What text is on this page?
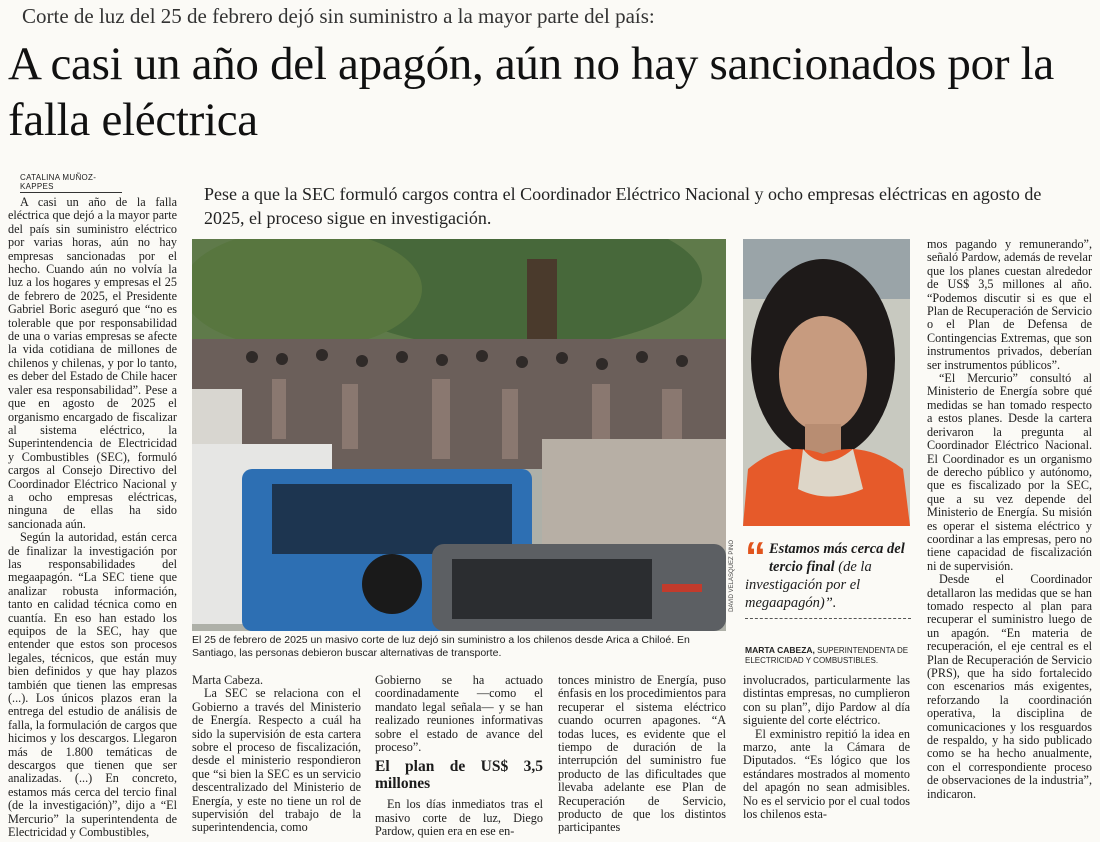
Corte de luz del 25 de febrero dejó sin suministro a la mayor parte del país:
A casi un año del apagón, aún no hay sancionados por la falla eléctrica
CATALINA MUÑOZ-KAPPES	Pese a que la SEC formuló cargos contra el Coordinador Eléctrico Nacional y ocho empresas eléctricas en agosto de 2025, el proceso sigue en investigación.

A casi un año de la falla eléctrica que dejó a la mayor parte del país sin suministro eléctrico por varias horas, aún no hay empresas sancionadas por el hecho. Cuando aún no volvía la luz a los hogares y empresas el 25 de febrero de 2025, el Presidente Gabriel Boric aseguró que “no es tolerable que por responsabilidad de una o varias empresas se afecte la vida cotidiana de millones de chilenos y chilenas, y por lo tanto, es deber del Estado de Chile hacer valer esa responsabilidad”. Pese a que en agosto de 2025 el organismo encargado de fiscalizar al sistema eléctrico, la Superintendencia de Electricidad y Combustibles (SEC), formuló cargos al Consejo Directivo del Coordinador Eléctrico Nacional y a ocho empresas eléctricas, ninguna de ellas ha sido sancionada aún.

Según la autoridad, están cerca de finalizar la investigación por las responsabilidades del megaapagón. “La SEC tiene que analizar robusta información, tanto en calidad técnica como en cuantía. En eso han estado los equipos de la SEC, hay que entender que estos son procesos legales, técnicos, que están muy bien definidos y que hay plazos también que tienen las empresas (...). Los únicos plazos eran la entrega del estudio de análisis de falla, la formulación de cargos que hicimos y los descargos. Llegaron más de 1.800 temáticas de descargos que tienen que ser analizadas. (...) En concreto, estamos más cerca del tercio final (de la investigación)”, dijo a “El Mercurio” la superintendenta de Electricidad y Combustibles,

DAVID VELÁSQUEZ PINO
El 25 de febrero de 2025 un masivo corte de luz dejó sin suministro a los chilenos desde Arica a Chiloé. En Santiago, las personas debieron buscar alternativas de transporte.
“ Estamos más cerca del tercio final (de la investigación por el megaapagón)”.
MARTA CABEZA, SUPERINTENDENTA DE ELECTRICIDAD Y COMBUSTIBLES.

Marta Cabeza.

La SEC se relaciona con el Gobierno a través del Ministerio de Energía. Respecto a cuál ha sido la supervisión de esta cartera sobre el proceso de fiscalización, desde el ministerio respondieron que “si bien la SEC es un servicio descentralizado del Ministerio de Energía, y este no tiene un rol de supervisión del trabajo de la superintendencia, como

Gobierno se ha actuado coordinadamente —como el mandato legal señala— y se han realizado reuniones informativas sobre el estado de avance del proceso”.

El plan de US$ 3,5 millones

En los días inmediatos tras el masivo corte de luz, Diego Pardow, quien era en ese en-

tonces ministro de Energía, puso énfasis en los procedimientos para recuperar el sistema eléctrico cuando ocurren apagones. “A todas luces, es evidente que el tiempo de duración de la interrupción del suministro fue producto de las dificultades que llevaba adelante ese Plan de Recuperación de Servicio, producto de que los distintos participantes

involucrados, particularmente las distintas empresas, no cumplieron con su plan”, dijo Pardow al día siguiente del corte eléctrico.

El exministro repitió la idea en marzo, ante la Cámara de Diputados. “Es lógico que los estándares mostrados al momento del apagón no sean admisibles. No es el servicio por el cual todos los chilenos esta-

mos pagando y remunerando”, señaló Pardow, además de revelar que los planes cuestan alrededor de US$ 3,5 millones al año. “Podemos discutir si es que el Plan de Recuperación de Servicio o el Plan de Defensa de Contingencias Extremas, que son instrumentos privados, deberían ser instrumentos públicos”.

“El Mercurio” consultó al Ministerio de Energía sobre qué medidas se han tomado respecto a estos planes. Desde la cartera derivaron la pregunta al Coordinador Eléctrico Nacional. El Coordinador es un organismo de derecho público y autónomo, que es fiscalizado por la SEC, que a su vez depende del Ministerio de Energía. Su misión es operar el sistema eléctrico y coordinar a las empresas, pero no tiene capacidad de fiscalización ni de supervisión.

Desde el Coordinador detallaron las medidas que se han tomado respecto al plan para recuperar el suministro luego de un apagón. “En materia de recuperación, el eje central es el Plan de Recuperación de Servicio (PRS), que ha sido fortalecido con escenarios más exigentes, reforzando la coordinación operativa, la disciplina de comunicaciones y los resguardos de respaldo, y ha sido publicado como se ha hecho anualmente, con el correspondiente proceso de observaciones de la industria”, indicaron.
